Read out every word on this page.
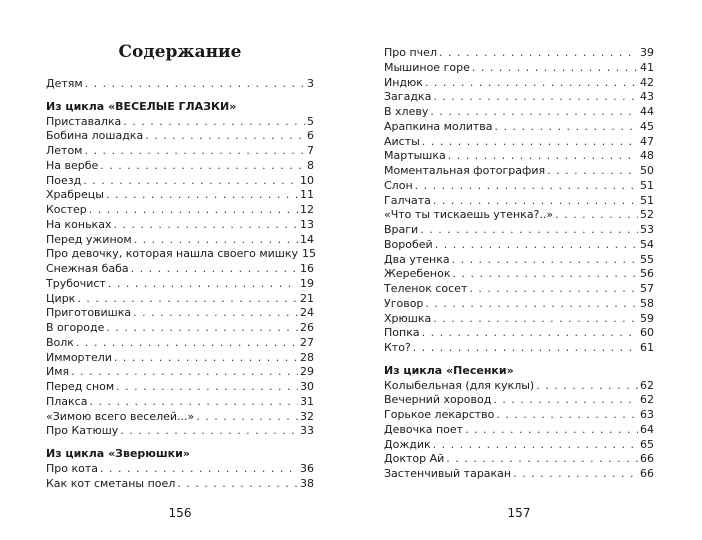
Содержание
Детям . . .	3
Из цикла «ВЕСЕЛЫЕ ГЛАЗКИ»
Приставалка . . .	5
Бобина лошадка . . .	6
Летом . . .	7
На вербе . . .	8
Поезд . . .	10
Храбрецы . . .	11
Костер . . .	12
На коньках . . .	13
Перед ужином . . .	14
Про девочку, которая нашла своего мишку 15
Снежная баба . . .	16
Трубочист . . .	19
Цирк . . .	21
Приготовишка . . .	24
В огороде . . .	26
Волк . . .	27
Иммортели . . .	28
Имя . . .	29
Перед сном . . .	30
Плакса . . .	31
«Зимою всего веселей...» . . .	32
Про Катюшу . . .	33
Из цикла «Зверюшки»
Про кота . . .	36
Как кот сметаны поел . . .	38
156
Про пчел . . .	39
Мышиное горе . . .	41
Индюк . . .	42
Загадка . . .	43
В хлеву . . .	44
Арапкина молитва . . .	45
Аисты . . .	47
Мартышка . . .	48
Моментальная фотография . . .	50
Слон . . .	51
Галчата . . .	51
«Что ты тискаешь утенка?..» . . .	52
Враги . . .	53
Воробей . . .	54
Два утенка . . .	55
Жеребенок . . .	56
Теленок сосет . . .	57
Уговор . . .	58
Хрюшка . . .	59
Попка . . .	60
Кто? . . .	61
Из цикла «Песенки»
Колыбельная (для куклы) . . .	62
Вечерний хоровод . . .	62
Горькое лекарство . . .	63
Девочка поет . . .	64
Дождик . . .	65
Доктор Ай . . .	66
Застенчивый таракан . . .	66
157
